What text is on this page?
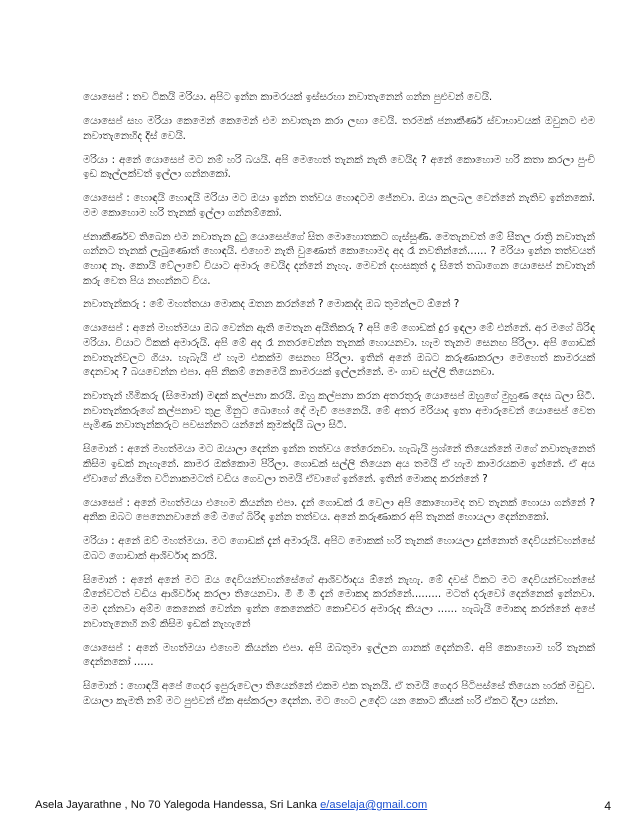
යොසෙප් : තව ටිකයි මරියා. අපිට ඉන්න කාමරයක් ඉස්සරහා නවාතැනෙන් ගන්න පුළුවන් වෙයි.

යොසෙප් සහ මරියා කෙමෙන් කෙමෙන් එම නවාතැන කරා ලඟා වෙයි. තරමක් ජනාකීර්ණ ස්වාභාවයක් ඔවුනට එම නවාතැනෙහිද දිස් වෙයි.

මරියා : අනේ යොසෙප් මට නම් හරි බයයි. අපි මෙහෙත් තැනක් නැති වෙයිද ? අනේ කොහොම හරි කතා කරලා පුංචි ඉඩ කෑල්ලක්වත් ඉල්ලා ගන්නකෝ.

යොසෙප් : හොඳයි හොඳයි මරියා මට ඔයා ඉන්න තත්වය හොඳටම ජේනවා. ඔයා කලබල වෙන්නේ නැතිව ඉන්නකෝ. මම කොහොම හරි තැනක් ඉල්ලා ගන්නම්කෝ.

ජනාකීර්ණව තිබෙන එම නවාතැන දුටු යොසෙප්ගේ සිත මොහොතකට ගැස්සුණි. මෙතැනවත් මේ සීතල රාත්‍රි නවාතැන් ගන්නට තැනක් ලැබුණොත් හොඳයි. එහෙම නැති වුණොත් කොහොමද අද රෑ නවතින්නේ...... ? මරියා ඉන්න තත්වයත් හොඳ නෑ. කොයි වේලාවේ වියාට අමාරු වෙයිද දන්නේ නැහැ. මෙවන් දහසකුත් දෑ සිතේ තබාගෙන යොසෙප් නවාතැන් කරු වෙත පිය නඟන්නට විය.

නවාතැන්කරු : මේ මහත්තයා මොකද ඔතන කරන්නේ ? මොකද්ද ඔබ තුමන්ලට ඕනේ ?

යොසෙප් : අනේ මහත්මයා ඔබ වෙන්න ඇති මෙතැන අයිතිකරු ? අපි මේ ගොඩක් දුර ඉඳලා මේ එන්නේ. අර මගේ බිරිඳ මරියා. වියාට ටිකක් අමාරුයි. අපි මේ අද රෑ නතරවෙන්න තැනක් හොයනවා. හැම තැනම සෙනඟ පිරිලා. අපි ගොඩක් නවාතැන්වලට ගියා. හැබැයි ඒ හැම එකක්ම සෙනඟ පිරිලා. ඉතින් අනේ ඔබට කරුණාකරලා මෙහෙත් කාමරයක් දෙනවාද ? බයවෙන්න එපා. අපි නිකම් නෙමෙයි කාමරයක් ඉල්ලන්නේ. මං ගාව සල්ලි තියෙනවා.

නවාතැන් හිමිකරු (සිමොන්) මඳක් කල්පනා කරයි. ඔහු කල්පනා කරන අතරතුරු යොසෙප් ඔහුගේ මුහුණ දෙස බලා සිටී. නවාතැන්කරුගේ කල්පනාව තුළ මිනුට බොහෝ දේ මැවී පෙනෙයි. මේ අතර මරියාද ඉතා අමාරුවෙන් යොසෙප් වෙත පැමිණ නවාතැන්කරුට පවසන්නට යන්නේ කුමක්දැයි බලා සිටී.

සිමොන් : අනේ මහත්මයා මට ඔයාලා දෙන්න ඉන්න තත්වය තේරෙනවා. හැබැයි ප්‍රශ්නේ තියෙන්නේ මගේ නවාතැනෙත් කිසිම ඉඩක් නැහැනේ. කාමර ඔක්කොම පිරිලා. ගොඩක් සල්ලි තියෙන අය තමයි ඒ හැම කාමරයකම ඉන්නේ. ඒ අය ඒවාගේ නියමිත වටිනාකමටත් වඩිය ගෙවලා තමයි ඒවාගේ ඉන්නේ. ඉතින් මොකද කරන්නේ ?

යොසෙප් : අනේ මහත්මයා එහෙම කියන්න එපා. දැන් ගොඩක් රෑ වෙලා අපි කොහොමද තව තැනක් හොයා ගන්නේ ? අනික ඔබට පෙනෙනවානේ මේ මගේ බිරිඳ ඉන්න තත්වය. අනේ කරුණාකර අපි තැනක් හොයලා දෙන්නකෝ.

මරියා : අනේ ඔව් මහත්මයා. මට ගොඩක් දැන් අමාරුයි. අපිට මොකක් හරි තැනක් හොයලා දුන්නොත් දෙවියන්වහන්සේ ඔබට ගොඩාක් ආශිර්වාද කරයි.

සිමොන් : අනේ අනේ මට ඔය දෙවියන්වහන්සේගේ ආශිර්වාදය ඕනේ නැහැ. මේ දවස් ටිකට මට දෙවියන්වහන්සේ ඕනේවටත් වඩිය ආශිර්වාද කරලා තියෙනවා. මී මී මී දැන් මොකද කරන්නේ......... මටත් දරුවෝ දෙන්නෙක් ඉන්නවා. මම දන්නවා අම්ම කෙනෙක් වෙන්න ඉන්න කෙනෙක්ට කොච්චර අමාරුද කියලා ...... හැබැයි මොකද කරන්නේ අපේ නවාතැනෙහි නම් කිසිම ඉඩක් නැහැනේ

යොසෙප් : අනේ මහත්මයා එහෙම කියන්න එපා. අපි ඔබතුමා ඉල්ලන ගානක් දෙන්නම්. අපි කොහොම හරි තැනක් දෙන්නකෝ ......

සිමොන් : හොඳයි අපේ ගෙදර ඉපුරුවෙලා තියෙන්නේ එකම එක තැනයි. ඒ තමයි ගෙදර පිටිපස්සේ තියෙන හරක් මඩුව. ඔයාලා කැමති නම් මට පුළුවන් ඒක අස්කරලා දෙන්න. මට හෙට උදේට යන කොට කීයක් හරි ඒකට දීලා යන්න.

Asela Jayarathne , No 70 Yalegoda Handessa, Sri Lanka e/aselaja@gmail.com	4
